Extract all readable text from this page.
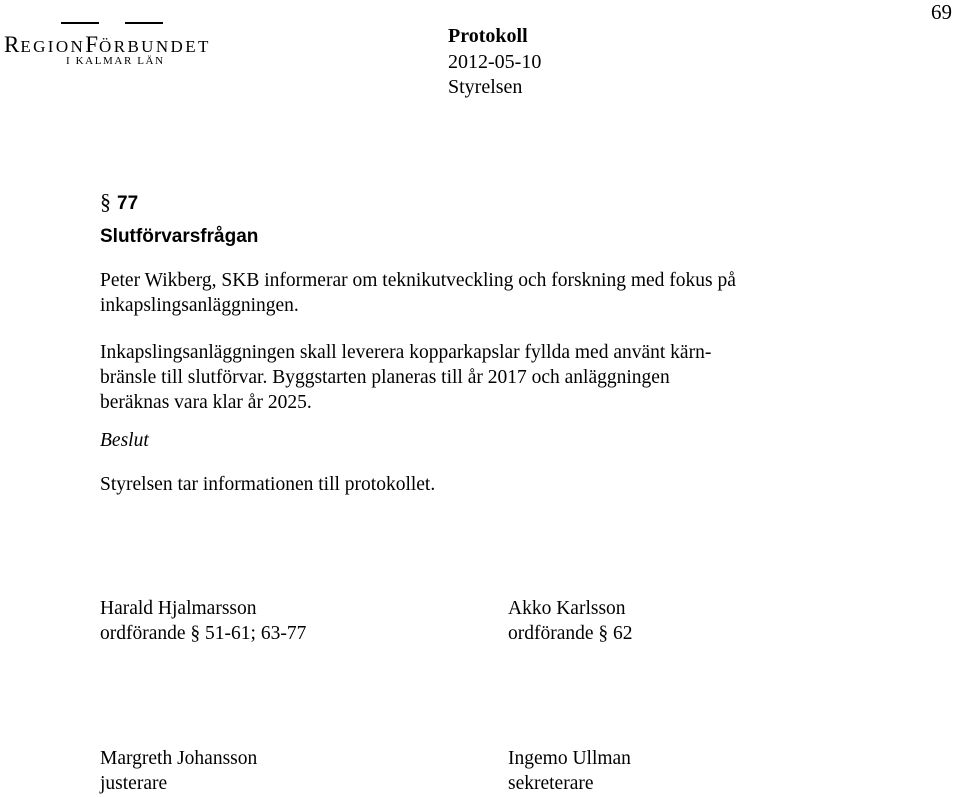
69
REGIONFÖRBUNDET
I KALMAR LÄN
Protokoll
2012-05-10
Styrelsen
§ 77
Slutförvarsfrågan
Peter Wikberg, SKB informerar om teknikutveckling och forskning med fokus på inkapslingsanläggningen.
Inkapslingsanläggningen skall leverera kopparkapslar fyllda med använt kärn-
bränsle till slutförvar. Byggstarten planeras till år 2017 och anläggningen
beräknas vara klar år 2025.
Beslut
Styrelsen tar informationen till protokollet.
Harald Hjalmarsson
ordförande § 51-61; 63-77
Akko Karlsson
ordförande § 62
Margreth Johansson
justerare
Ingemo Ullman
sekreterare
